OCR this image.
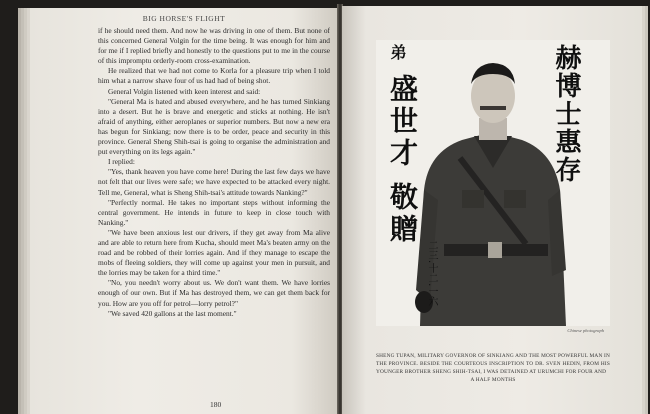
BIG HORSE'S FLIGHT

if he should need them. And now he was driving in one of them. But none of this concerned General Volgin for the time being. It was enough for him and for me if I replied briefly and honestly to the questions put to me in the course of this impromptu orderly-room cross-examination.

He realized that we had not come to Korla for a pleasure trip when I told him what a narrow shave four of us had had of being shot.

General Volgin listened with keen interest and said:

"General Ma is hated and abused everywhere, and he has turned Sinkiang into a desert. But he is brave and energetic and sticks at nothing. He isn't afraid of anything, either aeroplanes or superior numbers. But now a new era has begun for Sinkiang; now there is to be order, peace and security in this province. General Sheng Shih-tsai is going to organise the administration and put everything on its legs again."

I replied:

"Yes, thank heaven you have come here! During the last few days we have not felt that our lives were safe; we have expected to be attacked every night. Tell me, General, what is Sheng Shih-tsai's attitude towards Nanking?"

"Perfectly normal. He takes no important steps without informing the central government. He intends in future to keep in close touch with Nanking."

"We have been anxious lest our drivers, if they get away from Ma alive and are able to return here from Kucha, should meet Ma's beaten army on the road and be robbed of their lorries again. And if they manage to escape the mobs of fleeing soldiers, they will come up against your men in pursuit, and the lorries may be taken for a third time."

"No, you needn't worry about us. We don't want them. We have lorries enough of our own. But if Ma has destroyed them, we can get them back for you. How are you off for petrol—lorry petrol?"

"We saved 420 gallons at the last moment."

180
赫博士惠存
弟
盛世才
敬贈
二三.十二.一六
Chinese photograph
SHENG TUPAN, MILITARY GOVERNOR OF SINKIANG AND THE MOST POWERFUL MAN IN THE PROVINCE. BESIDE THE COURTEOUS INSCRIPTION TO DR. SVEN HEDIN, FROM HIS YOUNGER BROTHER SHENG SHIH-TSAI, I WAS DETAINED AT URUMCHI FOR FOUR AND
A HALF MONTHS
